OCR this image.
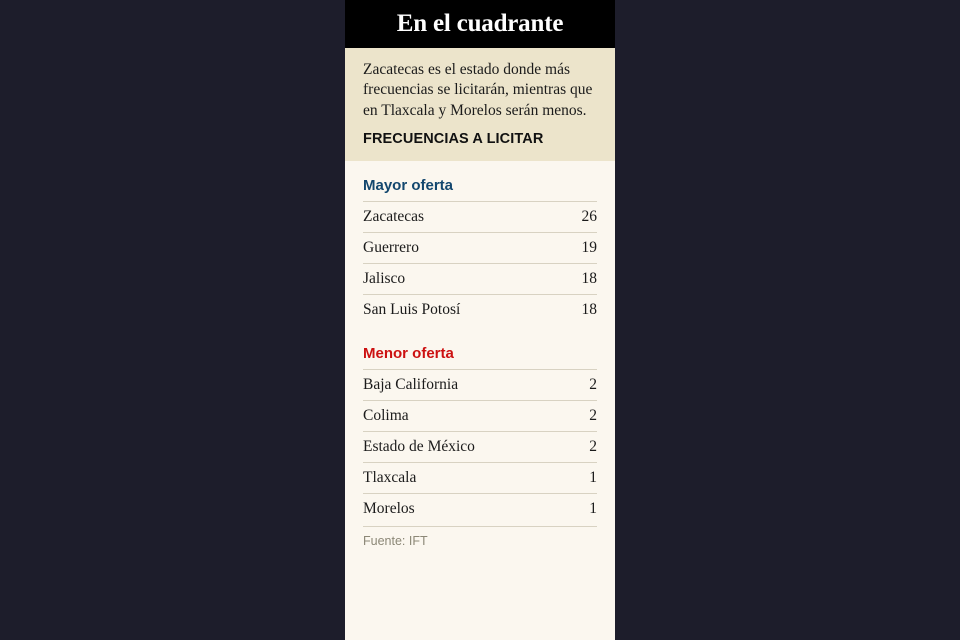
En el cuadrante
Zacatecas es el estado donde más frecuencias se licitarán, mientras que en Tlaxcala y Morelos serán menos.
FRECUENCIAS A LICITAR
Mayor oferta
Zacatecas	26
Guerrero	19
Jalisco	18
San Luis Potosí	18
Menor oferta
Baja California	2
Colima	2
Estado de México	2
Tlaxcala	1
Morelos	1
Fuente: IFT
